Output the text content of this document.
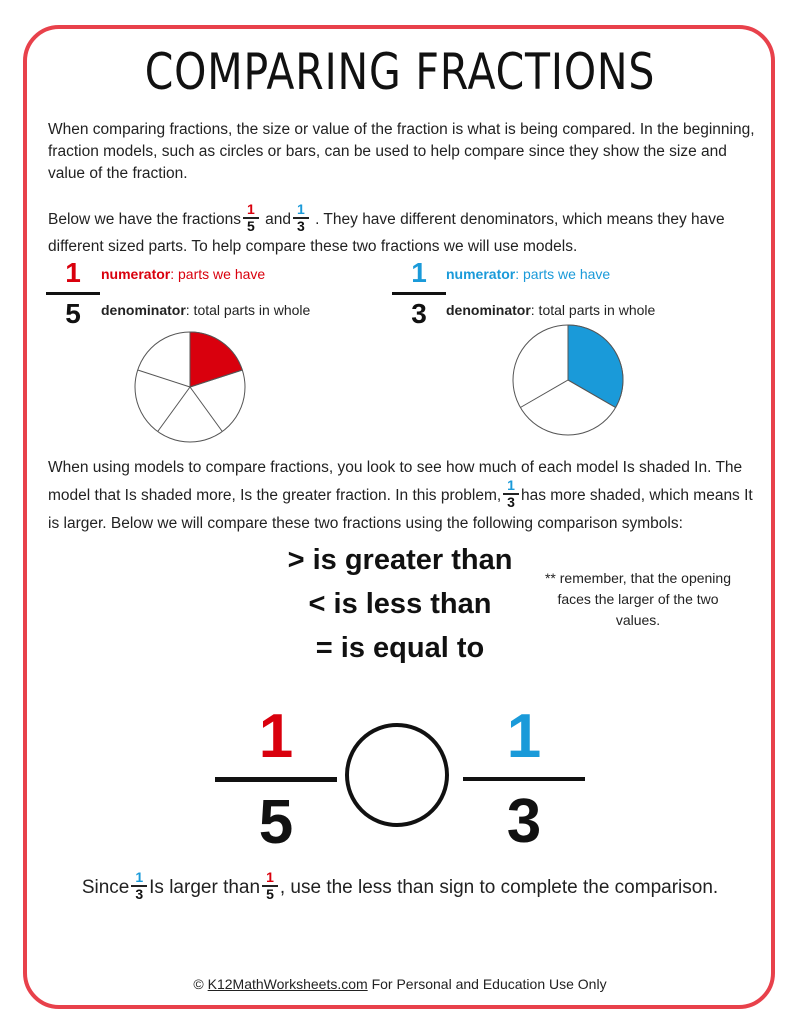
COMPARING FRACTIONS
When comparing fractions, the size or value of the fraction is what is being compared. In the beginning, fraction models, such as circles or bars, can be used to help compare since they show the size and value of the fraction.
Below we have the fractions $\frac{1}{5}$ and $\frac{1}{3}$ . They have different denominators, which means they have different sized parts. To help compare these two fractions we will use models.
1
5
numerator: parts we have
denominator: total parts in whole
1
3
numerator: parts we have
denominator: total parts in whole
When using models to compare fractions, you look to see how much of each model Is shaded In. The model that Is shaded more, Is the greater fraction. In this problem, $\frac{1}{3}$ has more shaded, which means It is larger. Below we will compare these two fractions using the following comparison symbols:
> is greater than
< is less than
= is equal to
** remember, that the opening faces the larger of the two values.
1
5
1
3
Since $\frac{1}{3}$ Is larger than $\frac{1}{5}$ , use the less than sign to complete the comparison.
© K12MathWorksheets.com For Personal and Education Use Only
